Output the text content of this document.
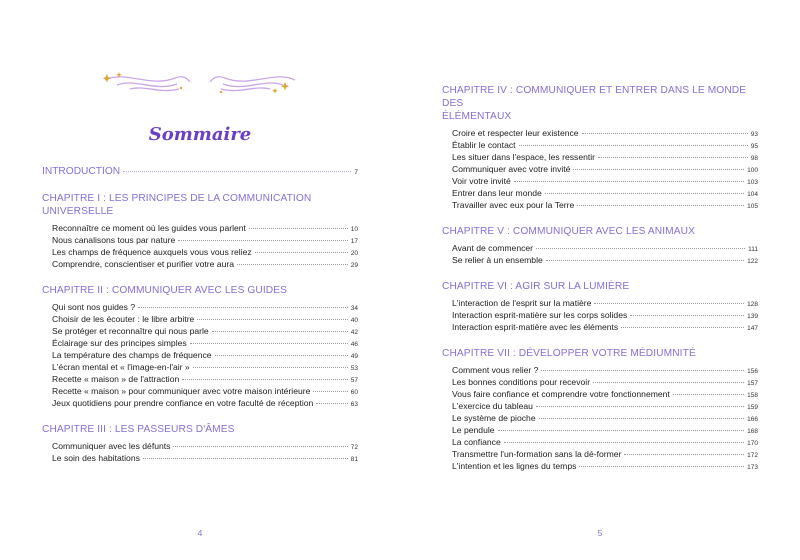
Sommaire
INTRODUCTION	7
CHAPITRE I : LES PRINCIPES DE LA COMMUNICATION UNIVERSELLE
Reconnaître ce moment où les guides vous parlent	10
Nous canalisons tous par nature	17
Les champs de fréquence auxquels vous vous reliez	20
Comprendre, conscientiser et purifier votre aura	29
CHAPITRE II : COMMUNIQUER AVEC LES GUIDES
Qui sont nos guides ?	34
Choisir de les écouter : le libre arbitre	40
Se protéger et reconnaître qui nous parle	42
Éclairage sur des principes simples	46
La température des champs de fréquence	49
L'écran mental et « l'image-en-l'air »	53
Recette « maison » de l'attraction	57
Recette « maison » pour communiquer avec votre maison intérieure	60
Jeux quotidiens pour prendre confiance en votre faculté de réception	63
CHAPITRE III : LES PASSEURS D'ÂMES
Communiquer avec les défunts	72
Le soin des habitations	81
4
CHAPITRE IV : COMMUNIQUER ET ENTRER DANS LE MONDE DES
ÉLÉMENTAUX
Croire et respecter leur existence	93
Établir le contact	95
Les situer dans l'espace, les ressentir	98
Communiquer avec votre invité	100
Voir votre invité	103
Entrer dans leur monde	104
Travailler avec eux pour la Terre	105
CHAPITRE V : COMMUNIQUER AVEC LES ANIMAUX
Avant de commencer	111
Se relier à un ensemble	122
CHAPITRE VI : AGIR SUR LA LUMIÈRE
L'interaction de l'esprit sur la matière	128
Interaction esprit-matière sur les corps solides	139
Interaction esprit-matière avec les éléments	147
CHAPITRE VII : DÉVELOPPER VOTRE MÉDIUMNITÉ
Comment vous relier ?	156
Les bonnes conditions pour recevoir	157
Vous faire confiance et comprendre votre fonctionnement	158
L'exercice du tableau	159
Le système de pioche	166
Le pendule	168
La confiance	170
Transmettre l'un-formation sans la dé-former	172
L'intention et les lignes du temps	173
5
